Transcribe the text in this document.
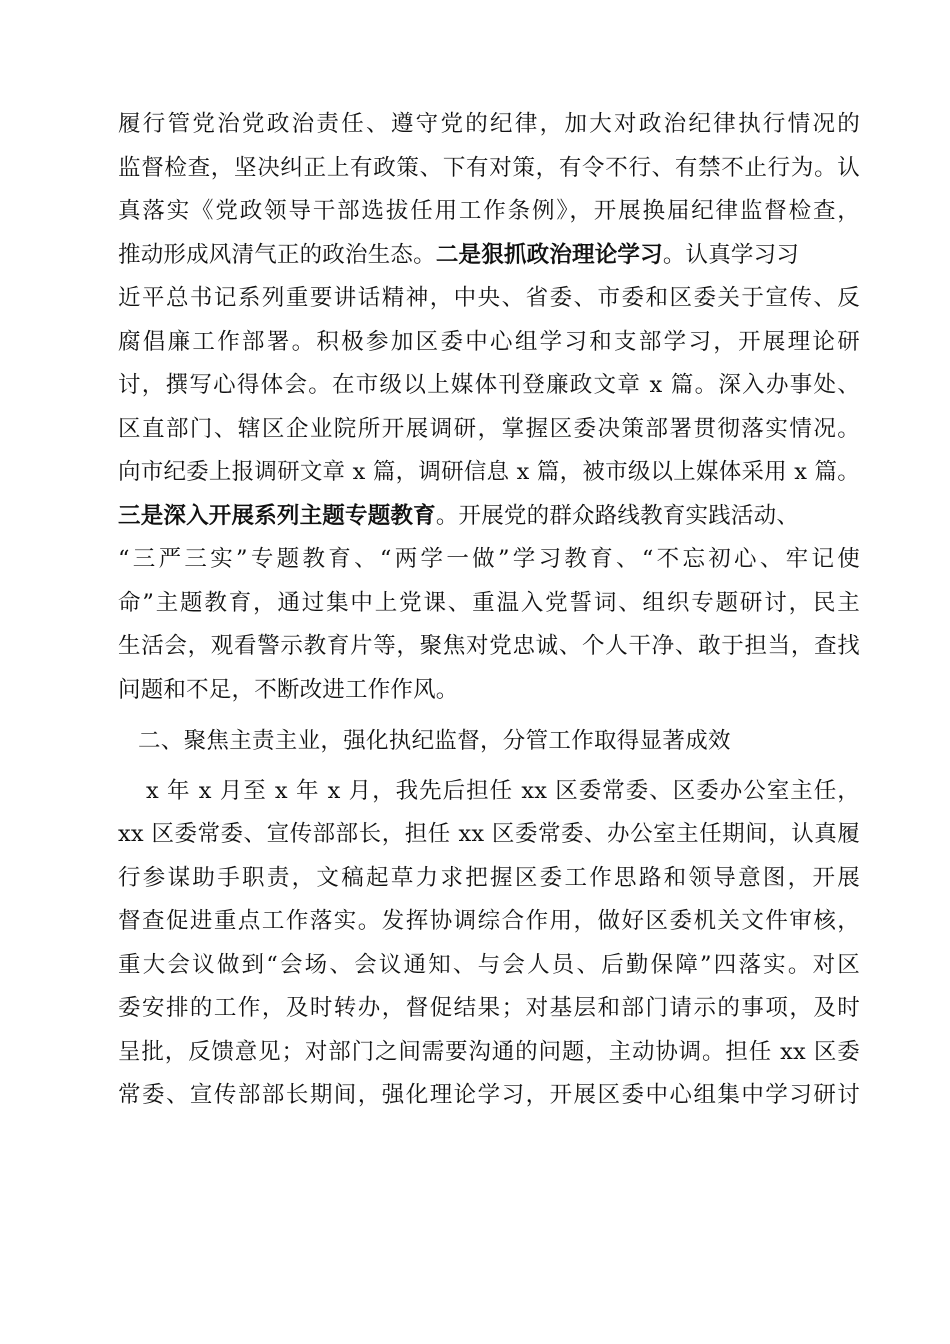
履行管党治党政治责任、遵守党的纪律，加大对政治纪律执行情况的
监督检查，坚决纠正上有政策、下有对策，有令不行、有禁不止行为。认
真落实《党政领导干部选拔任用工作条例》，开展换届纪律监督检查，
推动形成风清气正的政治生态。二是狠抓政治理论学习。认真学习习
近平总书记系列重要讲话精神，中央、省委、市委和区委关于宣传、反
腐倡廉工作部署。积极参加区委中心组学习和支部学习，开展理论研
讨，撰写心得体会。在市级以上媒体刊登廉政文章 x 篇。深入办事处、
区直部门、辖区企业院所开展调研，掌握区委决策部署贯彻落实情况。
向市纪委上报调研文章 x 篇，调研信息 x 篇，被市级以上媒体采用 x 篇。
三是深入开展系列主题专题教育。开展党的群众路线教育实践活动、
“三严三实”专题教育、“两学一做”学习教育、“不忘初心、牢记使
命”主题教育，通过集中上党课、重温入党誓词、组织专题研讨，民主
生活会，观看警示教育片等，聚焦对党忠诚、个人干净、敢于担当，查找
问题和不足，不断改进工作作风。
二、聚焦主责主业，强化执纪监督，分管工作取得显著成效
x 年 x 月至 x 年 x 月，我先后担任 xx 区委常委、区委办公室主任，
xx 区委常委、宣传部部长，担任 xx 区委常委、办公室主任期间，认真履
行参谋助手职责，文稿起草力求把握区委工作思路和领导意图，开展
督查促进重点工作落实。发挥协调综合作用，做好区委机关文件审核，
重大会议做到“会场、会议通知、与会人员、后勤保障”四落实。对区
委安排的工作，及时转办，督促结果；对基层和部门请示的事项，及时
呈批，反馈意见；对部门之间需要沟通的问题，主动协调。担任 xx 区委
常委、宣传部部长期间，强化理论学习，开展区委中心组集中学习研讨
